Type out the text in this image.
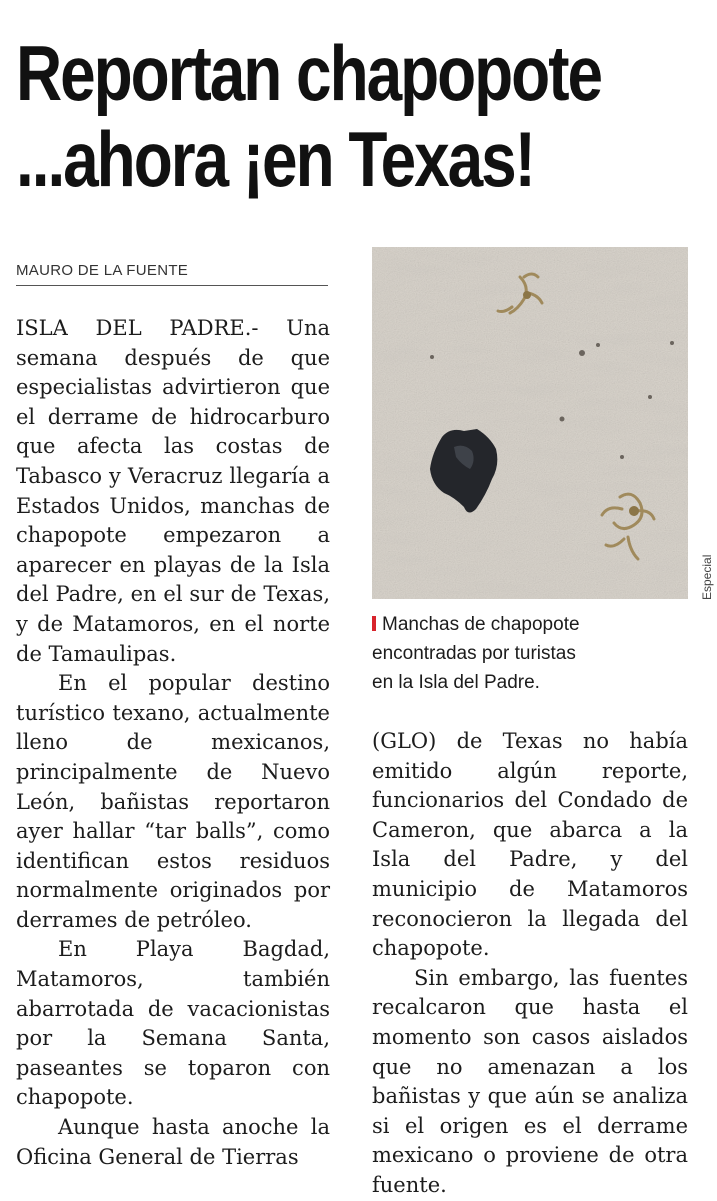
Reportan chapopote
...ahora ¡en Texas!
MAURO DE LA FUENTE

ISLA DEL PADRE.- Una semana después de que especialistas advirtieron que el derrame de hidrocarburo que afecta las costas de Tabasco y Veracruz llegaría a Estados Unidos, manchas de chapopote empezaron a aparecer en playas de la Isla del Padre, en el sur de Texas, y de Matamoros, en el norte de Tamaulipas.

En el popular destino turístico texano, actualmente lleno de mexicanos, principalmente de Nuevo León, bañistas reportaron ayer hallar “tar balls”, como identifican estos residuos normalmente originados por derrames de petróleo.

En Playa Bagdad, Matamoros, también abarrotada de vacacionistas por la Semana Santa, paseantes se toparon con chapopote.

Aunque hasta anoche la Oficina General de Tierras

Especial
Manchas de chapopote
encontradas por turistas
en la Isla del Padre.

(GLO) de Texas no había emitido algún reporte, funcionarios del Condado de Cameron, que abarca a la Isla del Padre, y del municipio de Matamoros reconocieron la llegada del chapopote.

Sin embargo, las fuentes recalcaron que hasta el momento son casos aislados que no amenazan a los bañistas y que aún se analiza si el origen es el derrame mexicano o proviene de otra fuente.
